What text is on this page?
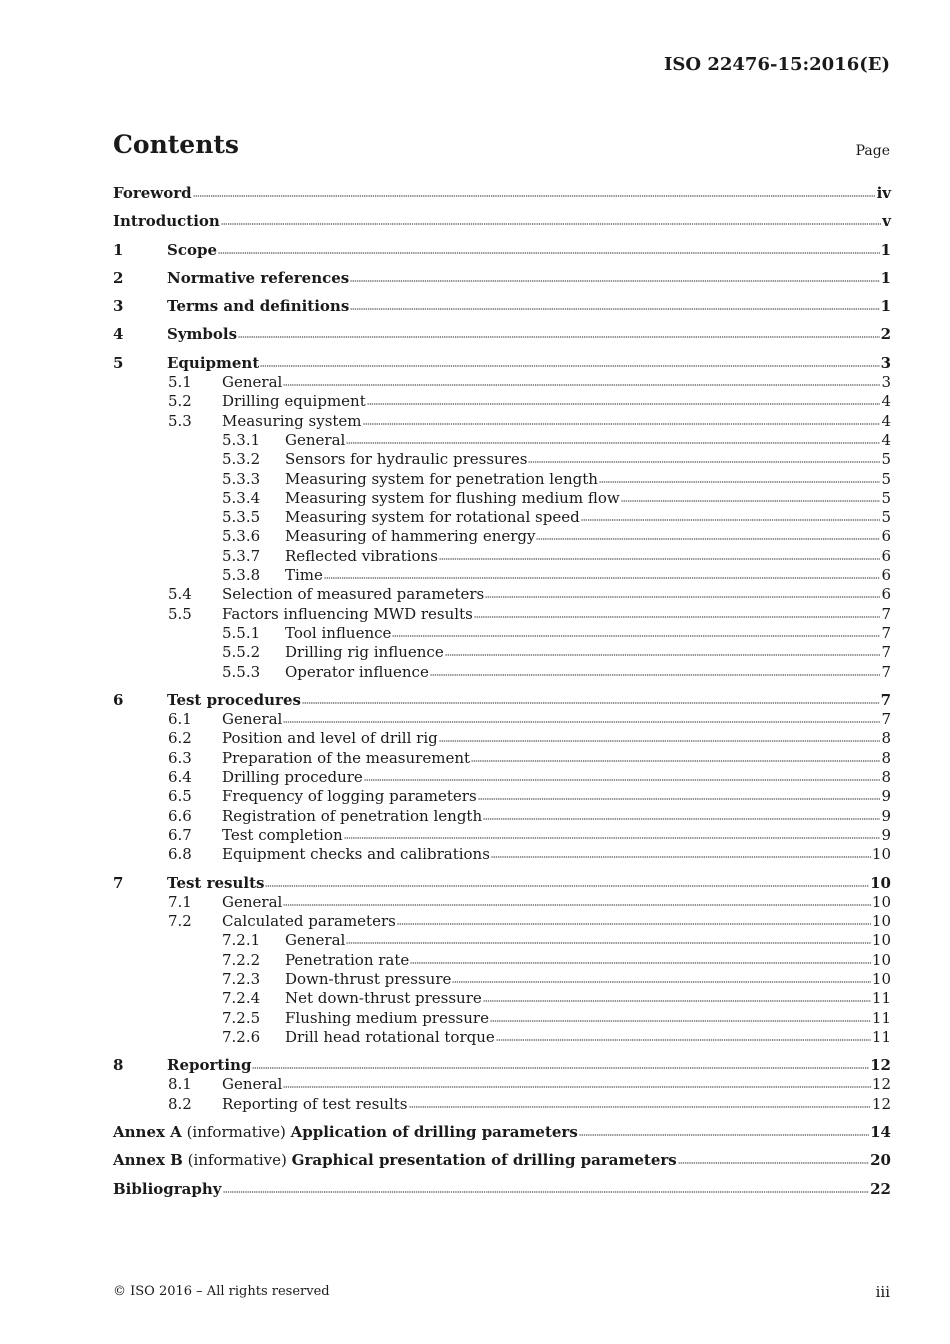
ISO 22476-15:2016(E)
Contents	Page
Foreword	iv
Introduction	v
1	Scope	1
2	Normative references	1
3	Terms and definitions	1
4	Symbols	2
5	Equipment	3
5.1 General	3
5.2 Drilling equipment	4
5.3 Measuring system	4
5.3.1 General	4
5.3.2 Sensors for hydraulic pressures	5
5.3.3 Measuring system for penetration length	5
5.3.4 Measuring system for flushing medium flow	5
5.3.5 Measuring system for rotational speed	5
5.3.6 Measuring of hammering energy	6
5.3.7 Reflected vibrations	6
5.3.8 Time	6
5.4 Selection of measured parameters	6
5.5 Factors influencing MWD results	7
5.5.1 Tool influence	7
5.5.2 Drilling rig influence	7
5.5.3 Operator influence	7
6	Test procedures	7
6.1 General	7
6.2 Position and level of drill rig	8
6.3 Preparation of the measurement	8
6.4 Drilling procedure	8
6.5 Frequency of logging parameters	9
6.6 Registration of penetration length	9
6.7 Test completion	9
6.8 Equipment checks and calibrations	10
7	Test results	10
7.1 General	10
7.2 Calculated parameters	10
7.2.1 General	10
7.2.2 Penetration rate	10
7.2.3 Down-thrust pressure	10
7.2.4 Net down-thrust pressure	11
7.2.5 Flushing medium pressure	11
7.2.6 Drill head rotational torque	11
8	Reporting	12
8.1 General	12
8.2 Reporting of test results	12
Annex A (informative) Application of drilling parameters	14
Annex B (informative) Graphical presentation of drilling parameters	20
Bibliography	22
© ISO 2016 – All rights reserved	iii
